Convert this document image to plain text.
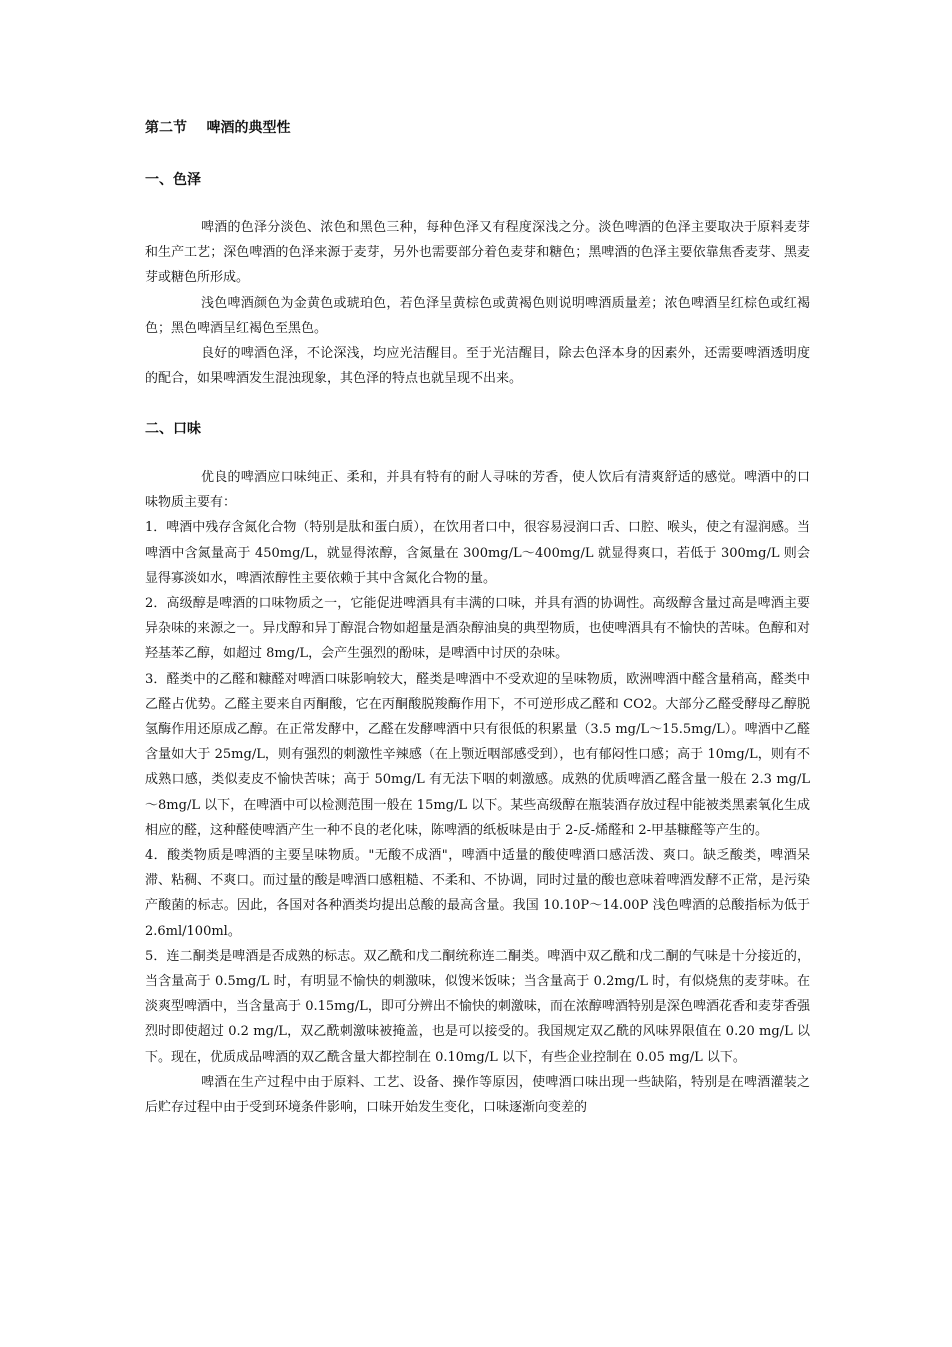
第二节    啤酒的典型性
一、色泽

啤酒的色泽分淡色、浓色和黑色三种，每种色泽又有程度深浅之分。淡色啤酒的色泽主要取决于原料麦芽和生产工艺；深色啤酒的色泽来源于麦芽，另外也需要部分着色麦芽和糖色；黑啤酒的色泽主要依靠焦香麦芽、黑麦芽或糖色所形成。

浅色啤酒颜色为金黄色或琥珀色，若色泽呈黄棕色或黄褐色则说明啤酒质量差；浓色啤酒呈红棕色或红褐色；黑色啤酒呈红褐色至黑色。

良好的啤酒色泽，不论深浅，均应光洁醒目。至于光洁醒目，除去色泽本身的因素外，还需要啤酒透明度的配合，如果啤酒发生混浊现象，其色泽的特点也就呈现不出来。

二、口味

优良的啤酒应口味纯正、柔和，并具有特有的耐人寻味的芳香，使人饮后有清爽舒适的感觉。啤酒中的口味物质主要有：

1．啤酒中残存含氮化合物（特别是肽和蛋白质），在饮用者口中，很容易浸润口舌、口腔、喉头，使之有湿润感。当啤酒中含氮量高于 450mg/L，就显得浓醇，含氮量在 300mg/L～400mg/L 就显得爽口，若低于 300mg/L 则会显得寡淡如水，啤酒浓醇性主要依赖于其中含氮化合物的量。

2．高级醇是啤酒的口味物质之一，它能促进啤酒具有丰满的口味，并具有酒的协调性。高级醇含量过高是啤酒主要异杂味的来源之一。异戊醇和异丁醇混合物如超量是酒杂醇油臭的典型物质，也使啤酒具有不愉快的苦味。色醇和对羟基苯乙醇，如超过 8mg/L，会产生强烈的酚味，是啤酒中讨厌的杂味。

3．醛类中的乙醛和糠醛对啤酒口味影响较大，醛类是啤酒中不受欢迎的呈味物质，欧洲啤酒中醛含量稍高，醛类中乙醛占优势。乙醛主要来自丙酮酸，它在丙酮酸脱羧酶作用下，不可逆形成乙醛和 CO2。大部分乙醛受酵母乙醇脱氢酶作用还原成乙醇。在正常发酵中，乙醛在发酵啤酒中只有很低的积累量（3.5 mg/L～15.5mg/L）。啤酒中乙醛含量如大于 25mg/L，则有强烈的刺激性辛辣感（在上颚近咽部感受到），也有郁闷性口感；高于 10mg/L，则有不成熟口感，类似麦皮不愉快苦味；高于 50mg/L 有无法下咽的刺激感。成熟的优质啤酒乙醛含量一般在 2.3 mg/L～8mg/L 以下，在啤酒中可以检测范围一般在 15mg/L 以下。某些高级醇在瓶装酒存放过程中能被类黑素氧化生成相应的醛，这种醛使啤酒产生一种不良的老化味，陈啤酒的纸板味是由于 2-反-烯醛和 2-甲基糠醛等产生的。

4．酸类物质是啤酒的主要呈味物质。"无酸不成酒"，啤酒中适量的酸使啤酒口感活泼、爽口。缺乏酸类，啤酒呆滞、粘稠、不爽口。而过量的酸是啤酒口感粗糙、不柔和、不协调，同时过量的酸也意味着啤酒发酵不正常，是污染产酸菌的标志。因此，各国对各种酒类均提出总酸的最高含量。我国 10.10P～14.00P 浅色啤酒的总酸指标为低于 2.6ml/100ml。

5．连二酮类是啤酒是否成熟的标志。双乙酰和戊二酮统称连二酮类。啤酒中双乙酰和戊二酮的气味是十分接近的，当含量高于 0.5mg/L 时，有明显不愉快的刺激味，似馊米饭味；当含量高于 0.2mg/L 时，有似烧焦的麦芽味。在淡爽型啤酒中，当含量高于 0.15mg/L，即可分辨出不愉快的刺激味，而在浓醇啤酒特别是深色啤酒花香和麦芽香强烈时即使超过 0.2 mg/L，双乙酰刺激味被掩盖，也是可以接受的。我国规定双乙酰的风味界限值在 0.20 mg/L 以下。现在，优质成品啤酒的双乙酰含量大都控制在 0.10mg/L 以下，有些企业控制在 0.05 mg/L 以下。

啤酒在生产过程中由于原料、工艺、设备、操作等原因，使啤酒口味出现一些缺陷，特别是在啤酒灌装之后贮存过程中由于受到环境条件影响，口味开始发生变化，口味逐渐向变差的
